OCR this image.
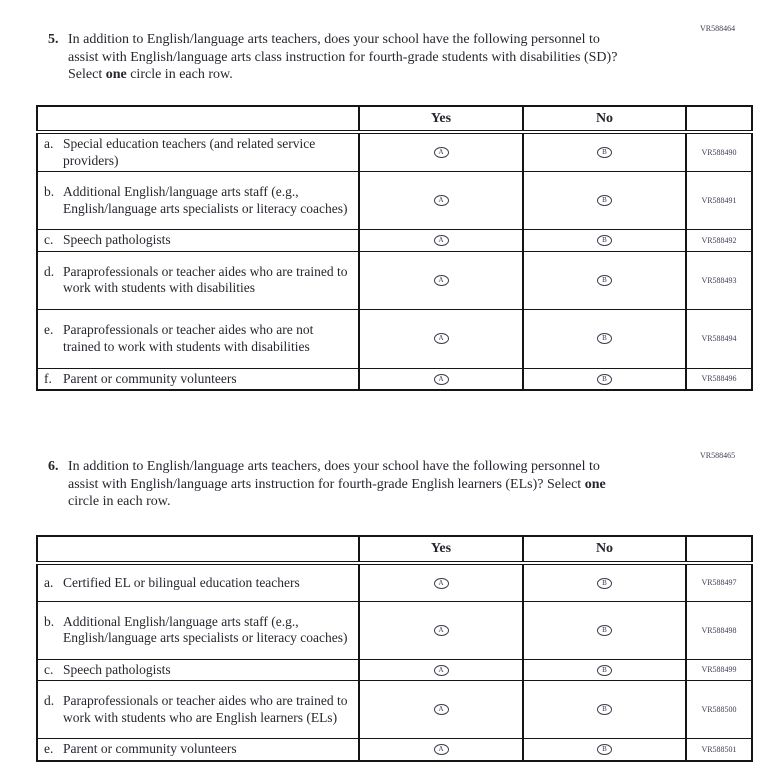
VR588464
5. In addition to English/language arts teachers, does your school have the following personnel to assist with English/language arts class instruction for fourth-grade students with disabilities (SD)? Select one circle in each row.
	Yes	No	

a. Special education teachers (and related service providers)	A	B	VR588490

b. Additional English/language arts staff (e.g., English/language arts specialists or literacy coaches)	A	B	VR588491

c. Speech pathologists	A	B	VR588492

d. Paraprofessionals or teacher aides who are trained to work with students with disabilities	A	B	VR588493

e. Paraprofessionals or teacher aides who are not trained to work with students with disabilities	A	B	VR588494

f. Parent or community volunteers	A	B	VR588496
VR588465
6. In addition to English/language arts teachers, does your school have the following personnel to assist with English/language arts instruction for fourth-grade English learners (ELs)? Select one circle in each row.
	Yes	No	

a. Certified EL or bilingual education teachers	A	B	VR588497

b. Additional English/language arts staff (e.g., English/language arts specialists or literacy coaches)	A	B	VR588498

c. Speech pathologists	A	B	VR588499

d. Paraprofessionals or teacher aides who are trained to work with students who are English learners (ELs)	A	B	VR588500

e. Parent or community volunteers	A	B	VR588501
